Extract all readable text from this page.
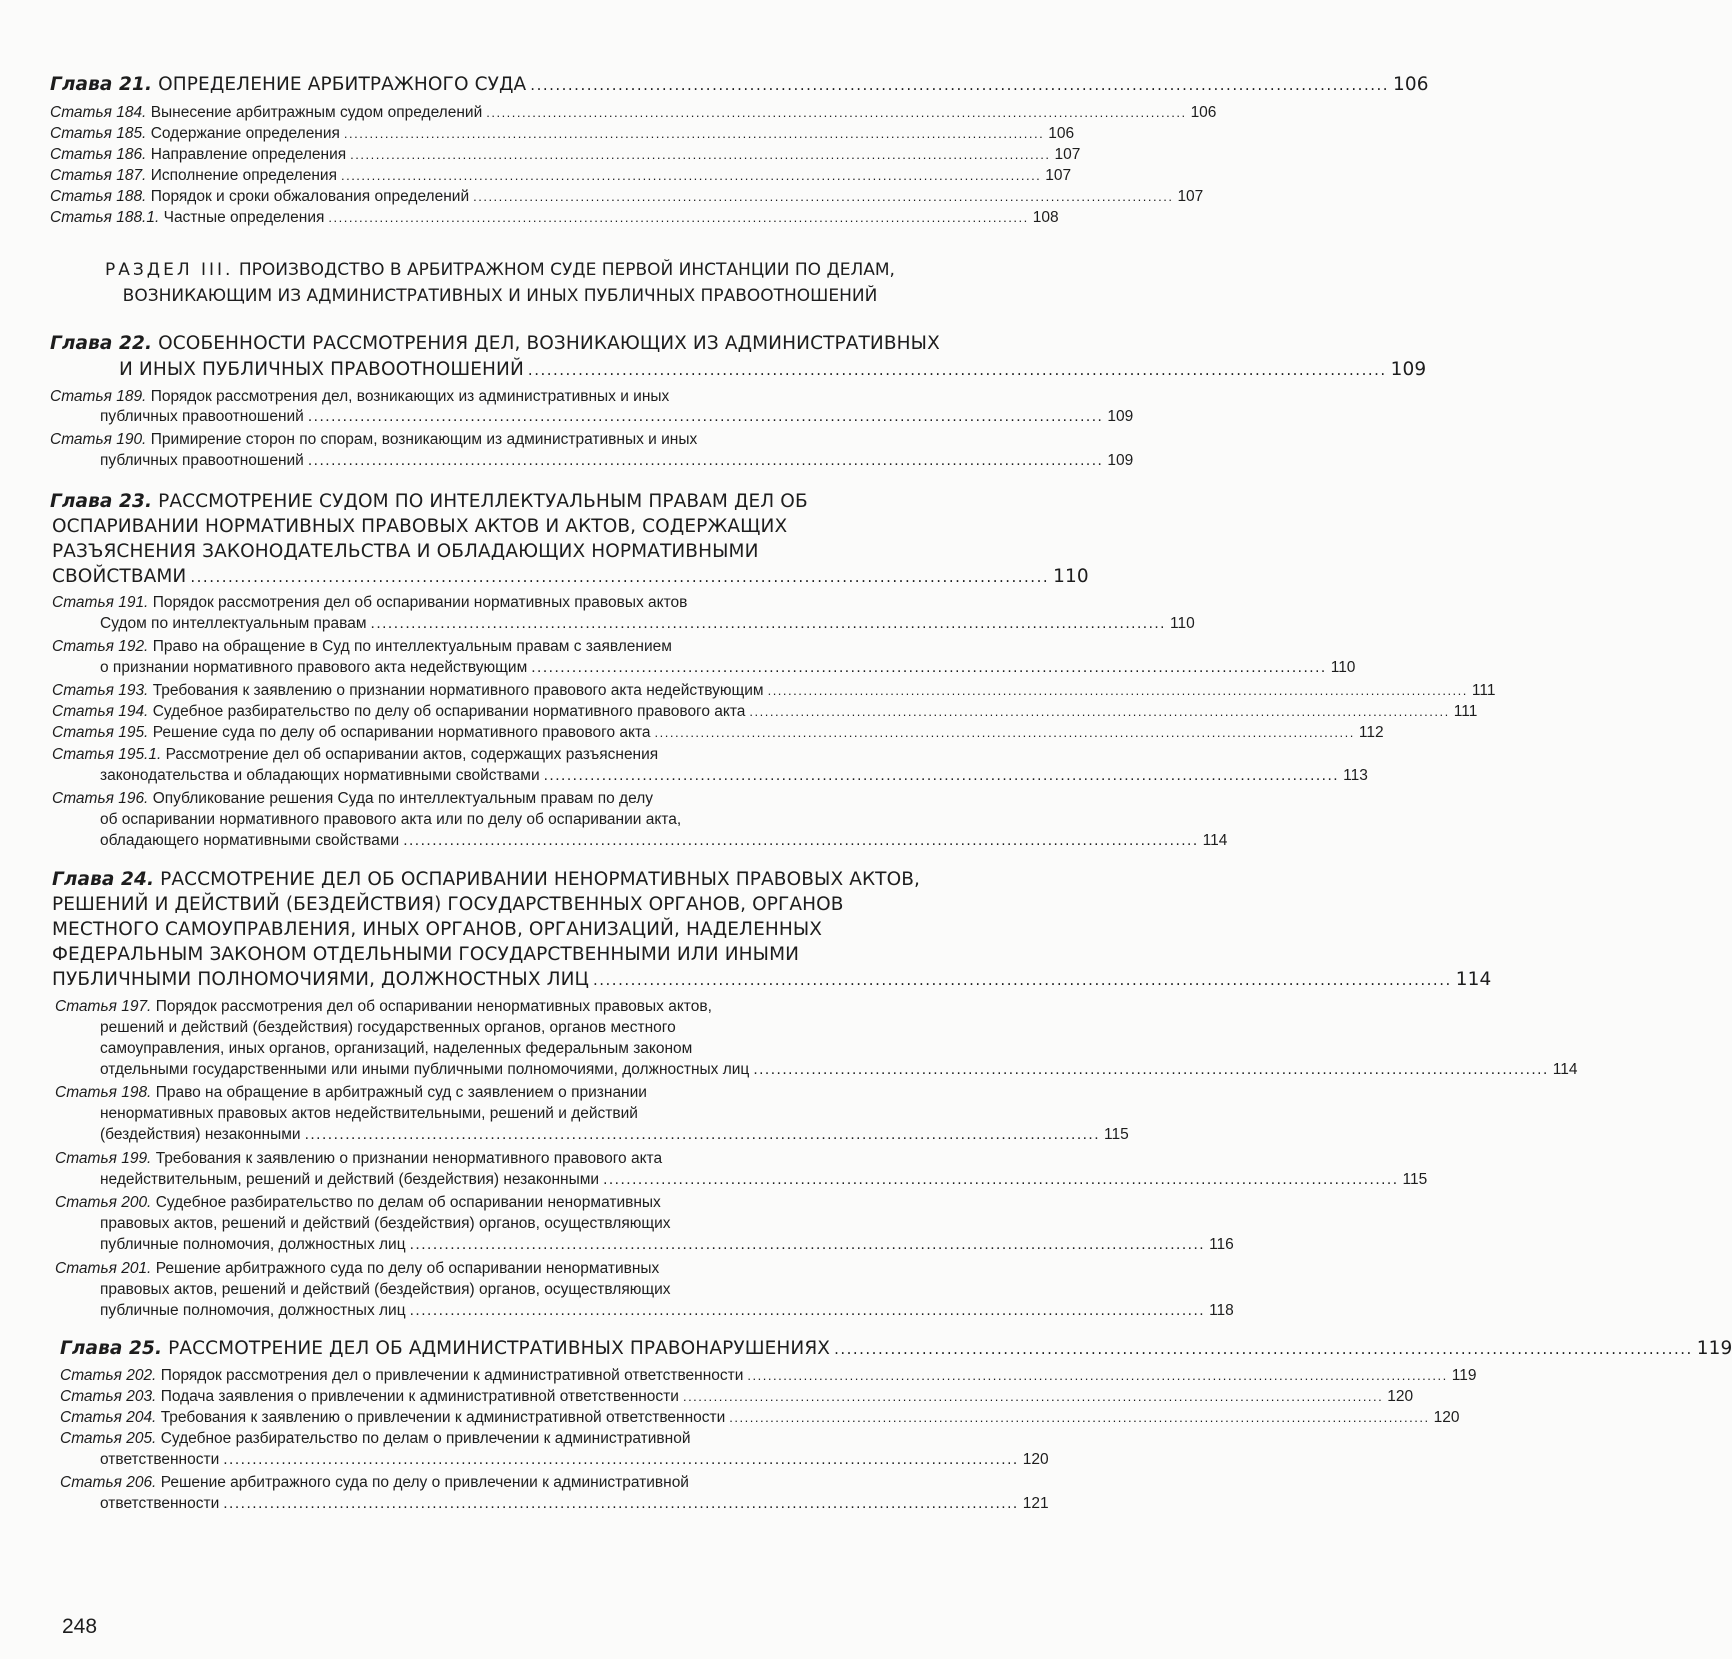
Глава 21. ОПРЕДЕЛЕНИЕ АРБИТРАЖНОГО СУДА ......................................................................................................................................... 106
Статья 184. Вынесение арбитражным судом определений ......................................................................................................................................... 106
Статья 185. Содержание определения ......................................................................................................................................... 106
Статья 186. Направление определения ......................................................................................................................................... 107
Статья 187. Исполнение определения ......................................................................................................................................... 107
Статья 188. Порядок и сроки обжалования определений ......................................................................................................................................... 107
Статья 188.1. Частные определения ......................................................................................................................................... 108
РАЗДЕЛ III. ПРОИЗВОДСТВО В АРБИТРАЖНОМ СУДЕ ПЕРВОЙ ИНСТАНЦИИ ПО ДЕЛАМ,
ВОЗНИКАЮЩИМ ИЗ АДМИНИСТРАТИВНЫХ И ИНЫХ ПУБЛИЧНЫХ ПРАВООТНОШЕНИЙ
Глава 22. ОСОБЕННОСТИ РАССМОТРЕНИЯ ДЕЛ, ВОЗНИКАЮЩИХ ИЗ АДМИНИСТРАТИВНЫХ
И ИНЫХ ПУБЛИЧНЫХ ПРАВООТНОШЕНИЙ ......................................................................................................................................... 109
Статья 189. Порядок рассмотрения дел, возникающих из административных и иных
публичных правоотношений ......................................................................................................................................... 109
Статья 190. Примирение сторон по спорам, возникающим из административных и иных
публичных правоотношений ......................................................................................................................................... 109
Глава 23. РАССМОТРЕНИЕ СУДОМ ПО ИНТЕЛЛЕКТУАЛЬНЫМ ПРАВАМ ДЕЛ ОБ
ОСПАРИВАНИИ НОРМАТИВНЫХ ПРАВОВЫХ АКТОВ И АКТОВ, СОДЕРЖАЩИХ
РАЗЪЯСНЕНИЯ ЗАКОНОДАТЕЛЬСТВА И ОБЛАДАЮЩИХ НОРМАТИВНЫМИ
СВОЙСТВАМИ ......................................................................................................................................... 110
Статья 191. Порядок рассмотрения дел об оспаривании нормативных правовых актов
Судом по интеллектуальным правам ......................................................................................................................................... 110
Статья 192. Право на обращение в Суд по интеллектуальным правам с заявлением
о признании нормативного правового акта недействующим ......................................................................................................................................... 110
Статья 193. Требования к заявлению о признании нормативного правового акта недействующим ......................................................................................................................................... 111
Статья 194. Судебное разбирательство по делу об оспаривании нормативного правового акта ......................................................................................................................................... 111
Статья 195. Решение суда по делу об оспаривании нормативного правового акта ......................................................................................................................................... 112
Статья 195.1. Рассмотрение дел об оспаривании актов, содержащих разъяснения
законодательства и обладающих нормативными свойствами ......................................................................................................................................... 113
Статья 196. Опубликование решения Суда по интеллектуальным правам по делу
об оспаривании нормативного правового акта или по делу об оспаривании акта,
обладающего нормативными свойствами ......................................................................................................................................... 114
Глава 24. РАССМОТРЕНИЕ ДЕЛ ОБ ОСПАРИВАНИИ НЕНОРМАТИВНЫХ ПРАВОВЫХ АКТОВ,
РЕШЕНИЙ И ДЕЙСТВИЙ (БЕЗДЕЙСТВИЯ) ГОСУДАРСТВЕННЫХ ОРГАНОВ, ОРГАНОВ
МЕСТНОГО САМОУПРАВЛЕНИЯ, ИНЫХ ОРГАНОВ, ОРГАНИЗАЦИЙ, НАДЕЛЕННЫХ
ФЕДЕРАЛЬНЫМ ЗАКОНОМ ОТДЕЛЬНЫМИ ГОСУДАРСТВЕННЫМИ ИЛИ ИНЫМИ
ПУБЛИЧНЫМИ ПОЛНОМОЧИЯМИ, ДОЛЖНОСТНЫХ ЛИЦ ......................................................................................................................................... 114
Статья 197. Порядок рассмотрения дел об оспаривании ненормативных правовых актов,
решений и действий (бездействия) государственных органов, органов местного
самоуправления, иных органов, организаций, наделенных федеральным законом
отдельными государственными или иными публичными полномочиями, должностных лиц ......................................................................................................................................... 114
Статья 198. Право на обращение в арбитражный суд с заявлением о признании
ненормативных правовых актов недействительными, решений и действий
(бездействия) незаконными ......................................................................................................................................... 115
Статья 199. Требования к заявлению о признании ненормативного правового акта
недействительным, решений и действий (бездействия) незаконными ......................................................................................................................................... 115
Статья 200. Судебное разбирательство по делам об оспаривании ненормативных
правовых актов, решений и действий (бездействия) органов, осуществляющих
публичные полномочия, должностных лиц ......................................................................................................................................... 116
Статья 201. Решение арбитражного суда по делу об оспаривании ненормативных
правовых актов, решений и действий (бездействия) органов, осуществляющих
публичные полномочия, должностных лиц ......................................................................................................................................... 118
Глава 25. РАССМОТРЕНИЕ ДЕЛ ОБ АДМИНИСТРАТИВНЫХ ПРАВОНАРУШЕНИЯХ ......................................................................................................................................... 119
Статья 202. Порядок рассмотрения дел о привлечении к административной ответственности ......................................................................................................................................... 119
Статья 203. Подача заявления о привлечении к административной ответственности ......................................................................................................................................... 120
Статья 204. Требования к заявлению о привлечении к административной ответственности ......................................................................................................................................... 120
Статья 205. Судебное разбирательство по делам о привлечении к административной
ответственности ......................................................................................................................................... 120
Статья 206. Решение арбитражного суда по делу о привлечении к административной
ответственности ......................................................................................................................................... 121
248
